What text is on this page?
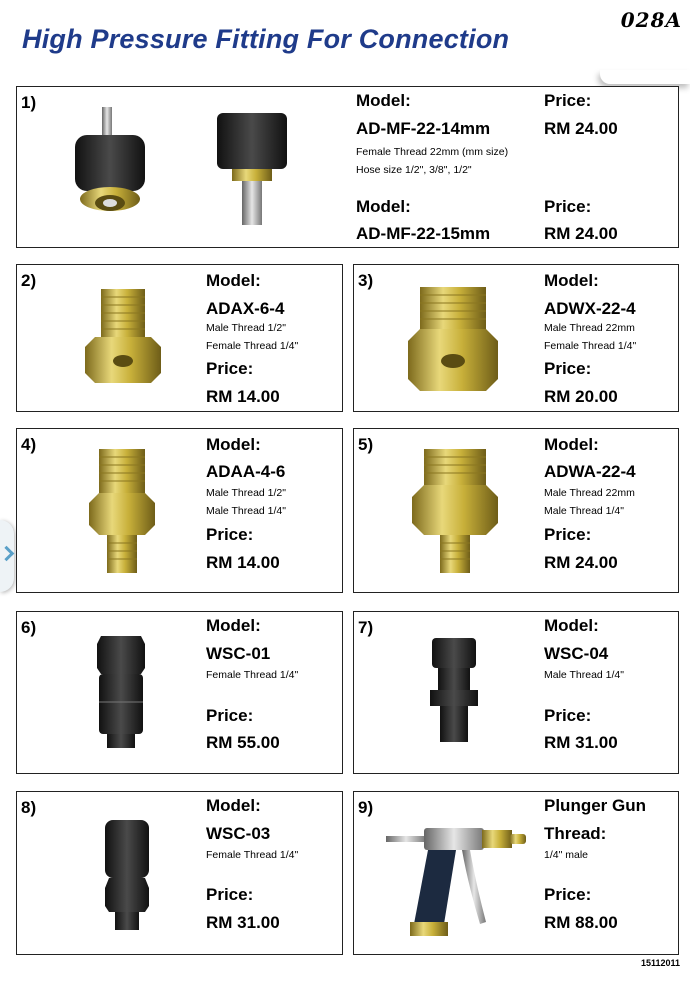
High Pressure Fitting For Connection
028A
1)	Model:	Price:
AD-MF-22-14mm	RM 24.00
Female Thread 22mm (mm size)
Hose size 1/2", 3/8", 1/2"
Model:	Price:
AD-MF-22-15mm	RM 24.00
2)	Model:
ADAX-6-4
Male Thread 1/2"
Female Thread 1/4"
Price:
RM 14.00
3)	Model:
ADWX-22-4
Male Thread 22mm
Female Thread 1/4"
Price:
RM 20.00
4)	Model:
ADAA-4-6
Male Thread 1/2"
Male Thread 1/4"
Price:
RM 14.00
5)	Model:
ADWA-22-4
Male Thread 22mm
Male Thread 1/4"
Price:
RM 24.00
6)	Model:
WSC-01
Female Thread 1/4"
Price:
RM 55.00
7)	Model:
WSC-04
Male Thread 1/4"
Price:
RM 31.00
8)	Model:
WSC-03
Female Thread 1/4"
Price:
RM 31.00
9)	Plunger Gun
Thread:
1/4" male
Price:
RM 88.00
15112011
